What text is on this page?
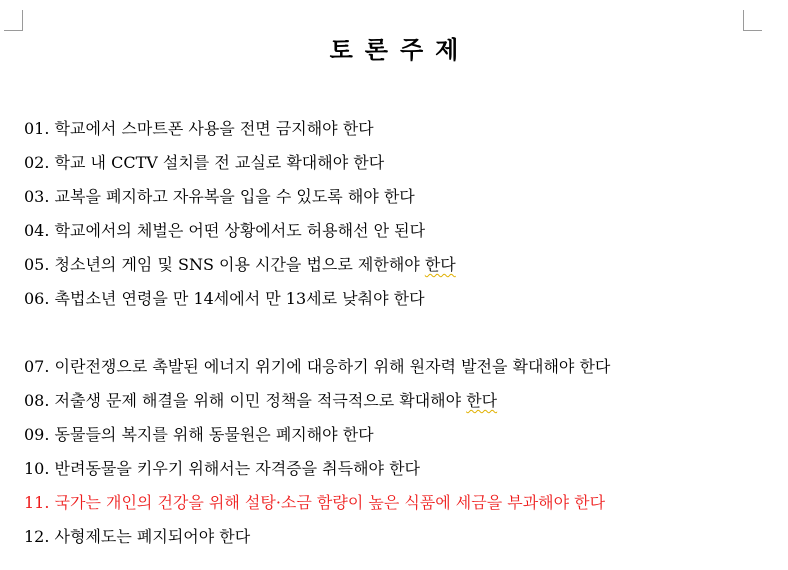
토론주제
01. 학교에서 스마트폰 사용을 전면 금지해야 한다
02. 학교 내 CCTV 설치를 전 교실로 확대해야 한다
03. 교복을 폐지하고 자유복을 입을 수 있도록 해야 한다
04. 학교에서의 체벌은 어떤 상황에서도 허용해선 안 된다
05. 청소년의 게임 및 SNS 이용 시간을 법으로 제한해야 한다
06. 촉법소년 연령을 만 14세에서 만 13세로 낮춰야 한다
07. 이란전쟁으로 촉발된 에너지 위기에 대응하기 위해 원자력 발전을 확대해야 한다
08. 저출생 문제 해결을 위해 이민 정책을 적극적으로 확대해야 한다
09. 동물들의 복지를 위해 동물원은 폐지해야 한다
10. 반려동물을 키우기 위해서는 자격증을 취득해야 한다
11. 국가는 개인의 건강을 위해 설탕·소금 함량이 높은 식품에 세금을 부과해야 한다
12. 사형제도는 폐지되어야 한다
